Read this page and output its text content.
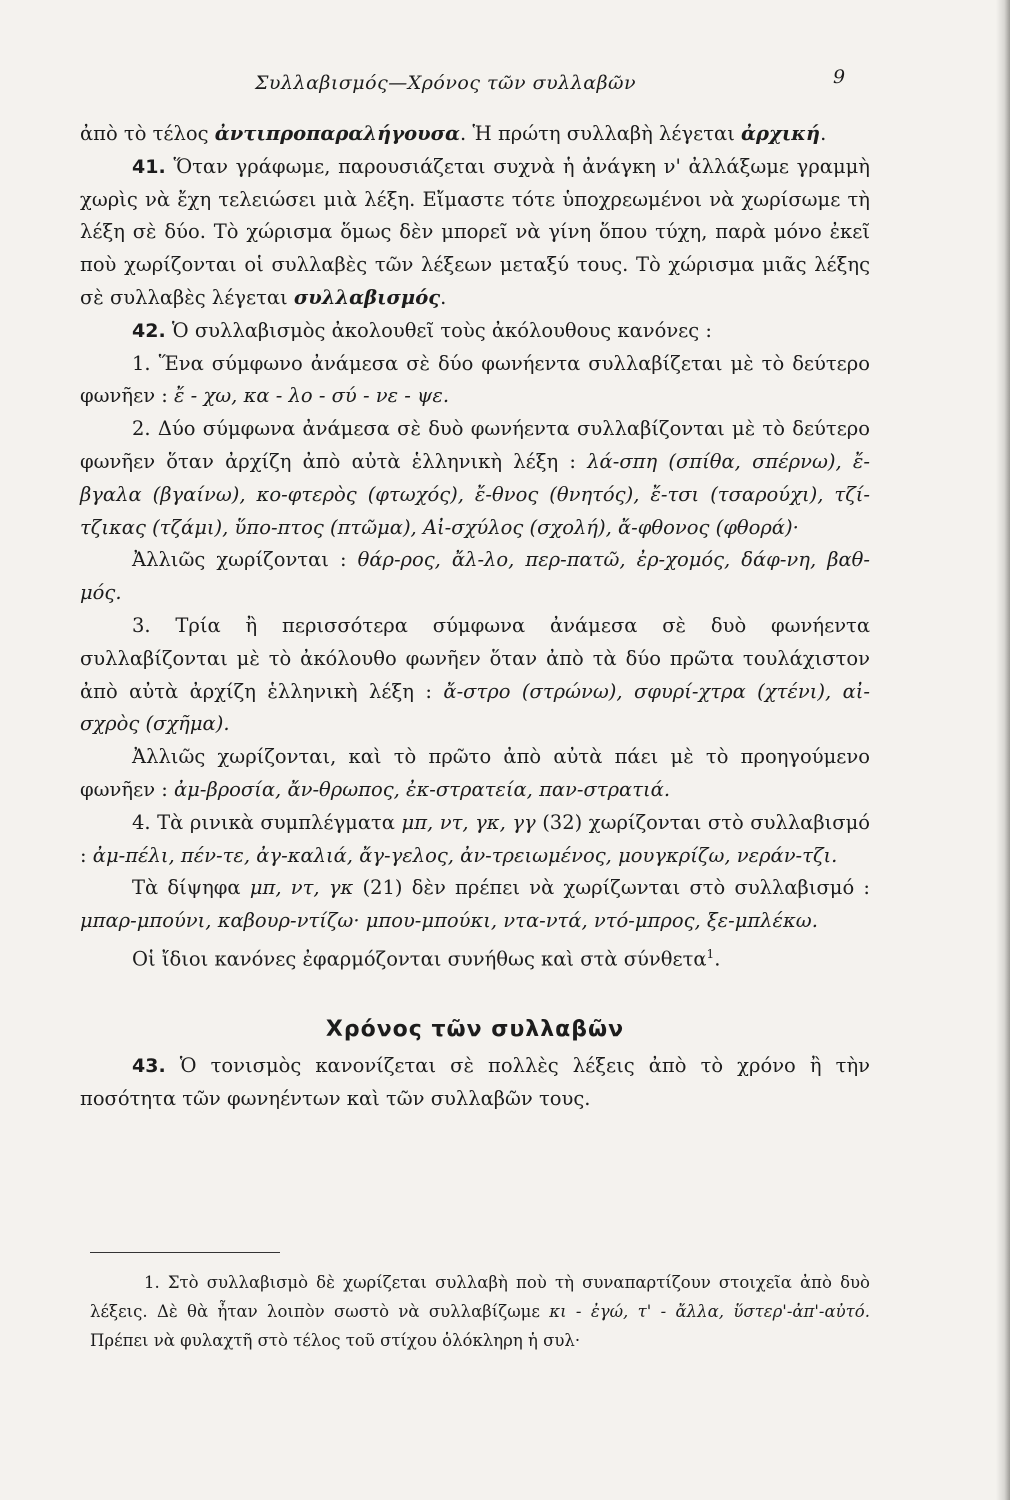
Συλλαβισμός—Χρόνος τῶν συλλαβῶν	9

ἀπὸ τὸ τέλος ἀντιπροπαραλήγουσα. Ἡ πρώτη συλλαβὴ λέγεται ἀρχική.

41. Ὅταν γράφωμε, παρουσιάζεται συχνὰ ἡ ἀνάγκη ν' ἀλλάξωμε γραμμὴ χωρὶς νὰ ἔχη τελειώσει μιὰ λέξη. Εἴμαστε τότε ὑποχρεωμένοι νὰ χωρίσωμε τὴ λέξη σὲ δύο. Τὸ χώρισμα ὅμως δὲν μπορεῖ νὰ γίνη ὅπου τύχη, παρὰ μόνο ἐκεῖ ποὺ χωρίζονται οἱ συλλαβὲς τῶν λέξεων μεταξύ τους. Τὸ χώρισμα μιᾶς λέξης σὲ συλλαβὲς λέγεται συλλαβισμός.

42. Ὁ συλλαβισμὸς ἀκολουθεῖ τοὺς ἀκόλουθους κανόνες :

1. Ἕνα σύμφωνο ἀνάμεσα σὲ δύο φωνήεντα συλλαβίζεται μὲ τὸ δεύτερο φωνῆεν : ἔ - χω, κα - λο - σύ - νε - ψε.

2. Δύο σύμφωνα ἀνάμεσα σὲ δυὸ φωνήεντα συλλαβίζονται μὲ τὸ δεύτερο φωνῆεν ὅταν ἀρχίζη ἀπὸ αὐτὰ ἑλληνικὴ λέξη : λά-σπη (σπίθα, σπέρνω), ἔ-βγαλα (βγαίνω), κο-φτερὸς (φτωχός), ἔ-θνος (θνητός), ἔ-τσι (τσαρούχι), τζί-τζικας (τζάμι), ὕπο-πτος (πτῶμα), Αἰ-σχύλος (σχολή), ἄ-φθονος (φθορά)·

Ἀλλιῶς χωρίζονται : θάρ-ρος, ἄλ-λο, περ-πατῶ, ἐρ-χομός, δάφ-νη, βαθ-μός.

3. Τρία ἢ περισσότερα σύμφωνα ἀνάμεσα σὲ δυὸ φωνήεντα συλλαβίζονται μὲ τὸ ἀκόλουθο φωνῆεν ὅταν ἀπὸ τὰ δύο πρῶτα τουλάχιστον ἀπὸ αὐτὰ ἀρχίζη ἑλληνικὴ λέξη : ἄ-στρο (στρώνω), σφυρί-χτρα (χτένι), αἰ-σχρὸς (σχῆμα).

Ἀλλιῶς χωρίζονται, καὶ τὸ πρῶτο ἀπὸ αὐτὰ πάει μὲ τὸ προηγούμενο φωνῆεν : ἀμ-βροσία, ἄν-θρωπος, ἐκ-στρατεία, παν-στρατιά.

4. Τὰ ρινικὰ συμπλέγματα μπ, ντ, γκ, γγ (32) χωρίζονται στὸ συλλαβισμό : ἀμ-πέλι, πέν-τε, ἀγ-καλιά, ἄγ-γελος, ἀν-τρειωμένος, μουγκρίζω, νεράν-τζι.

Τὰ δίψηφα μπ, ντ, γκ (21) δὲν πρέπει νὰ χωρίζωνται στὸ συλλαβισμό : μπαρ-μπούνι, καβουρ-ντίζω· μπου-μπούκι, ντα-ντά, ντό-μπρος, ξε-μπλέκω.

Οἱ ἴδιοι κανόνες ἐφαρμόζονται συνήθως καὶ στὰ σύνθετα$^1$.

Χρόνος τῶν συλλαβῶν

43. Ὁ τονισμὸς κανονίζεται σὲ πολλὲς λέξεις ἀπὸ τὸ χρόνο ἢ τὴν ποσότητα τῶν φωνηέντων καὶ τῶν συλλαβῶν τους.

1. Στὸ συλλαβισμὸ δὲ χωρίζεται συλλαβὴ ποὺ τὴ συναπαρτίζουν στοιχεῖα ἀπὸ δυὸ λέξεις. Δὲ θὰ ἦταν λοιπὸν σωστὸ νὰ συλλαβίζωμε κι - ἐγώ, τ' - ἄλλα, ὕστερ'-ἀπ'-αὐτό. Πρέπει νὰ φυλαχτῆ στὸ τέλος τοῦ στίχου ὁλόκληρη ἡ συλ·
